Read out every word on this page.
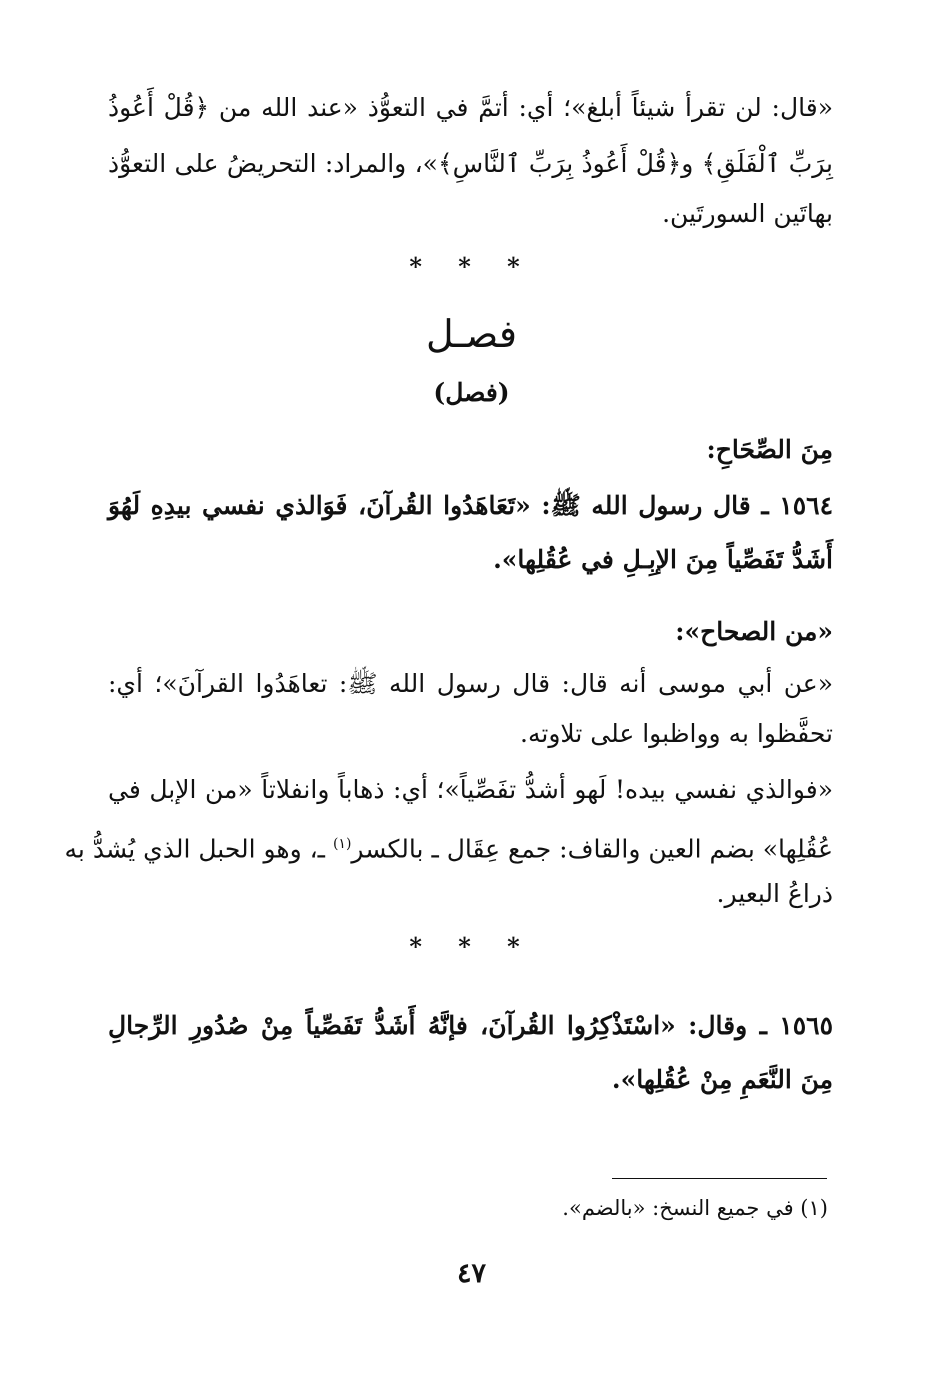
«قال: لن تقرأ شيئاً أبلغ»؛ أي: أتمَّ في التعوُّذ «عند الله من ﴿قُلْ أَعُوذُ
بِرَبِّ ٱلْفَلَقِ﴾ و﴿قُلْ أَعُوذُ بِرَبِّ ٱلنَّاسِ﴾»، والمراد: التحريضُ على التعوُّذ
بهاتَين السورتَين.
* * *
فصـل
(فصل)
مِنَ الصِّحَاحِ:
١٥٦٤ ـ قال رسول الله ﷺ: «تَعَاهَدُوا القُرآنَ، فَوَالذي نفسي بيدِهِ لَهُوَ
أَشَدُّ تَفَصِّياً مِنَ الإبِـلِ في عُقُلِها».
«من الصحاح»:
«عن أبي موسى أنه قال: قال رسول الله ﷺ: تعاهَدُوا القرآنَ»؛ أي:
تحفَّظوا به وواظبوا على تلاوته.
«فوالذي نفسي بيده! لَهو أشدُّ تفَصِّياً»؛ أي: ذهاباً وانفلاتاً «من الإبل في
عُقُلِها» بضم العين والقاف: جمع عِقَال ـ بالكسر$^{(١)}$ ـ، وهو الحبل الذي يُشدُّ به
ذراعُ البعير.
* * *
١٥٦٥ ـ وقال: «اسْتَذْكِرُوا القُرآنَ، فإنَّهُ أَشَدُّ تَفَصِّياً مِنْ صُدُورِ الرِّجالِ
مِنَ النَّعَمِ مِنْ عُقُلِها».
(١) في جميع النسخ: «بالضم».
٤٧
